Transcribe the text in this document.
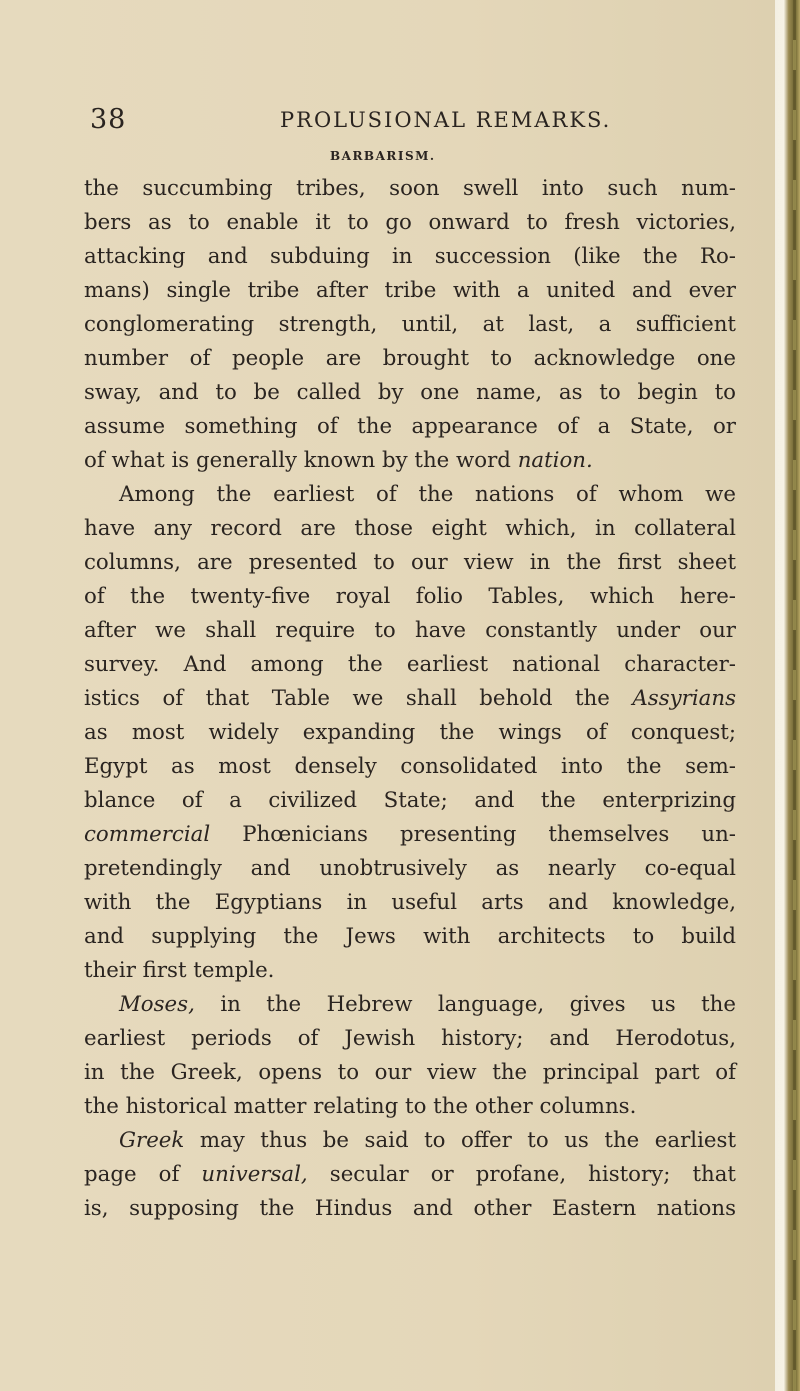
38	PROLUSIONAL REMARKS.
BARBARISM.
the succumbing tribes, soon swell into such num-
bers as to enable it to go onward to fresh victories,
attacking and subduing in succession (like the Ro-
mans) single tribe after tribe with a united and ever
conglomerating strength, until, at last, a sufficient
number of people are brought to acknowledge one
sway, and to be called by one name, as to begin to
assume something of the appearance of a State, or
of what is generally known by the word nation.
Among the earliest of the nations of whom we
have any record are those eight which, in collateral
columns, are presented to our view in the first sheet
of the twenty-five royal folio Tables, which here-
after we shall require to have constantly under our
survey. And among the earliest national character-
istics of that Table we shall behold the Assyrians
as most widely expanding the wings of conquest;
Egypt as most densely consolidated into the sem-
blance of a civilized State; and the enterprizing
commercial Phœnicians presenting themselves un-
pretendingly and unobtrusively as nearly co-equal
with the Egyptians in useful arts and knowledge,
and supplying the Jews with architects to build
their first temple.
Moses, in the Hebrew language, gives us the
earliest periods of Jewish history; and Herodotus,
in the Greek, opens to our view the principal part of
the historical matter relating to the other columns.
Greek may thus be said to offer to us the earliest
page of universal, secular or profane, history; that
is, supposing the Hindus and other Eastern nations
